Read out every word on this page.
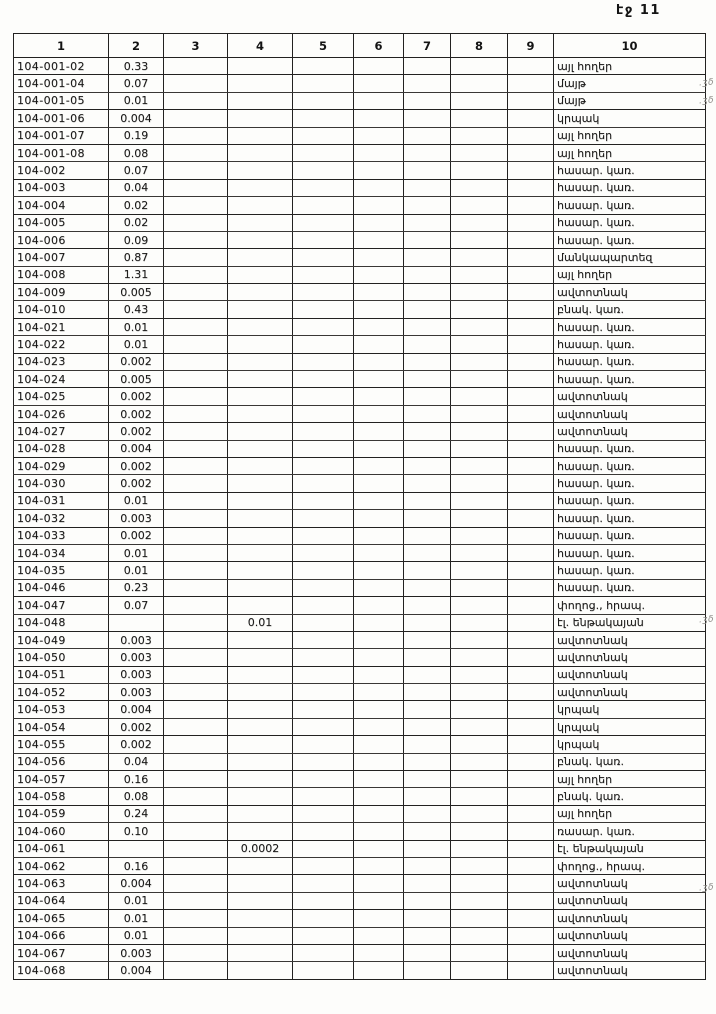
էջ 11
1	2	3	4	5	6	7	8	9	10
104-001-02	0.33								այլ հողեր
104-001-04	0.07								մայթ
104-001-05	0.01								մայթ
104-001-06	0.004								կրպակ
104-001-07	0.19								այլ հողեր
104-001-08	0.08								այլ հողեր
104-002	0.07								հասար. կառ.
104-003	0.04								հասար. կառ.
104-004	0.02								հասար. կառ.
104-005	0.02								հասար. կառ.
104-006	0.09								հասար. կառ.
104-007	0.87								մանկապարտեզ
104-008	1.31								այլ հողեր
104-009	0.005								ավտոտնակ
104-010	0.43								բնակ. կառ.
104-021	0.01								հասար. կառ.
104-022	0.01								հասար. կառ.
104-023	0.002								հասար. կառ.
104-024	0.005								հասար. կառ.
104-025	0.002								ավտոտնակ
104-026	0.002								ավտոտնակ
104-027	0.002								ավտոտնակ
104-028	0.004								հասար. կառ.
104-029	0.002								հասար. կառ.
104-030	0.002								հասար. կառ.
104-031	0.01								հասար. կառ.
104-032	0.003								հասար. կառ.
104-033	0.002								հասար. կառ.
104-034	0.01								հասար. կառ.
104-035	0.01								հասար. կառ.
104-046	0.23								հասար. կառ.
104-047	0.07								փողոց., հրապ.
104-048			0.01						էլ. ենթակայան
104-049	0.003								ավտոտնակ
104-050	0.003								ավտոտնակ
104-051	0.003								ավտոտնակ
104-052	0.003								ավտոտնակ
104-053	0.004								կրպակ
104-054	0.002								կրպակ
104-055	0.002								կրպակ
104-056	0.04								բնակ. կառ.
104-057	0.16								այլ հողեր
104-058	0.08								բնակ. կառ.
104-059	0.24								այլ հողեր
104-060	0.10								ռասար. կառ.
104-061			0.0002						էլ. ենթակայան
104-062	0.16								փողոց., հրապ.
104-063	0.004								ավտոտնակ
104-064	0.01								ավտոտնակ
104-065	0.01								ավտոտնակ
104-066	0.01								ավտոտնակ
104-067	0.003								ավտոտնակ
104-068	0.004								ավտոտնակ
.ʒδ
.ʒδ
.ʒδ
.ʒδ
